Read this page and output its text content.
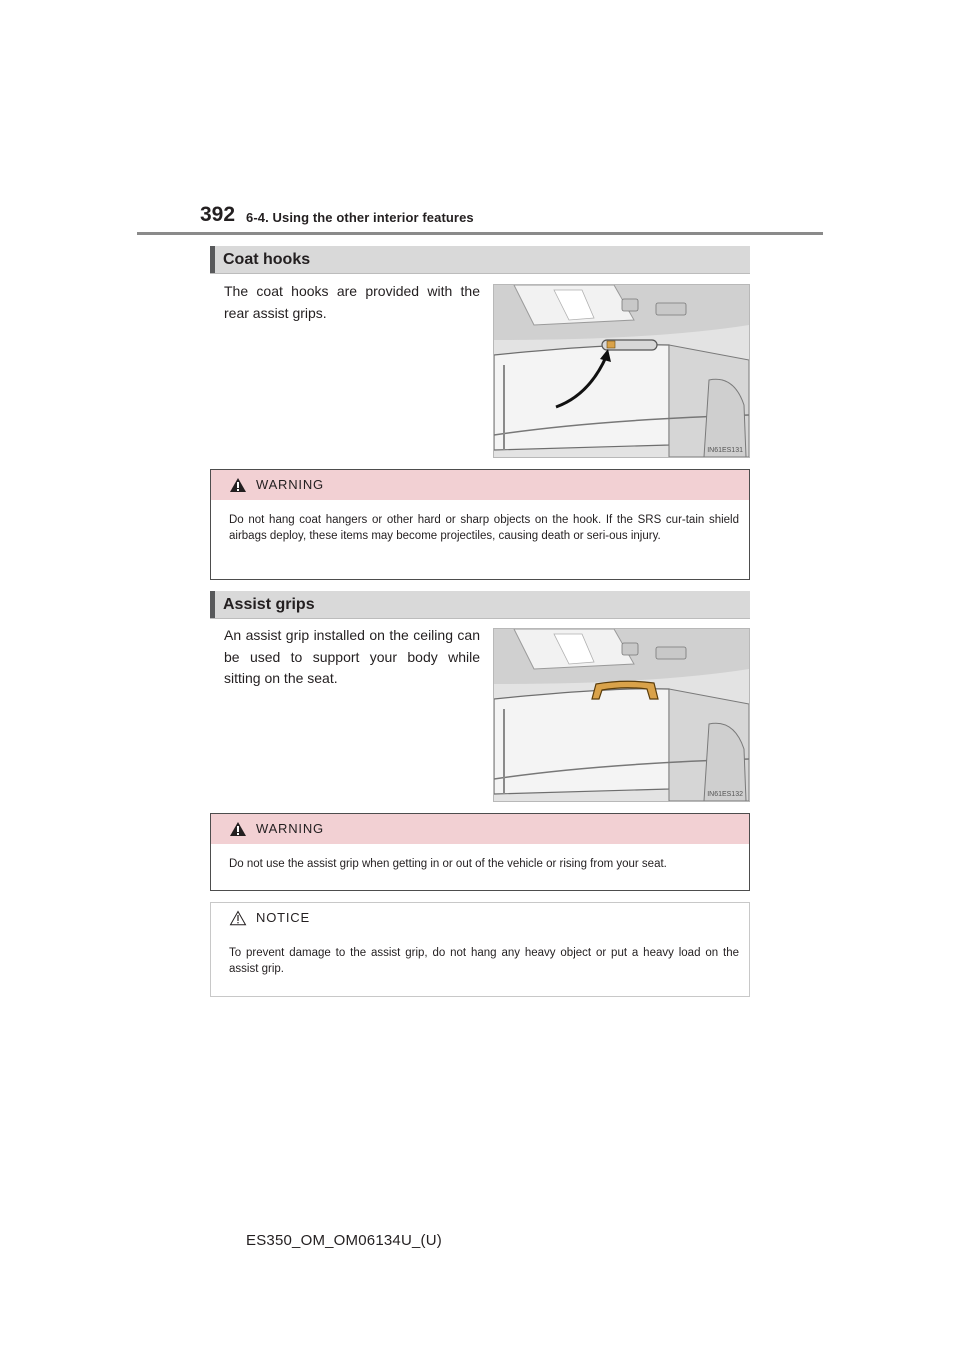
392 6-4. Using the other interior features
Coat hooks
The coat hooks are provided with the rear assist grips.
IN61ES131
WARNING
Do not hang coat hangers or other hard or sharp objects on the hook. If the SRS cur-tain shield airbags deploy, these items may become projectiles, causing death or seri-ous injury.
Assist grips
An assist grip installed on the ceiling can be used to support your body while sitting on the seat.
IN61ES132
WARNING
Do not use the assist grip when getting in or out of the vehicle or rising from your seat.
NOTICE
To prevent damage to the assist grip, do not hang any heavy object or put a heavy load on the assist grip.
ES350_OM_OM06134U_(U)
